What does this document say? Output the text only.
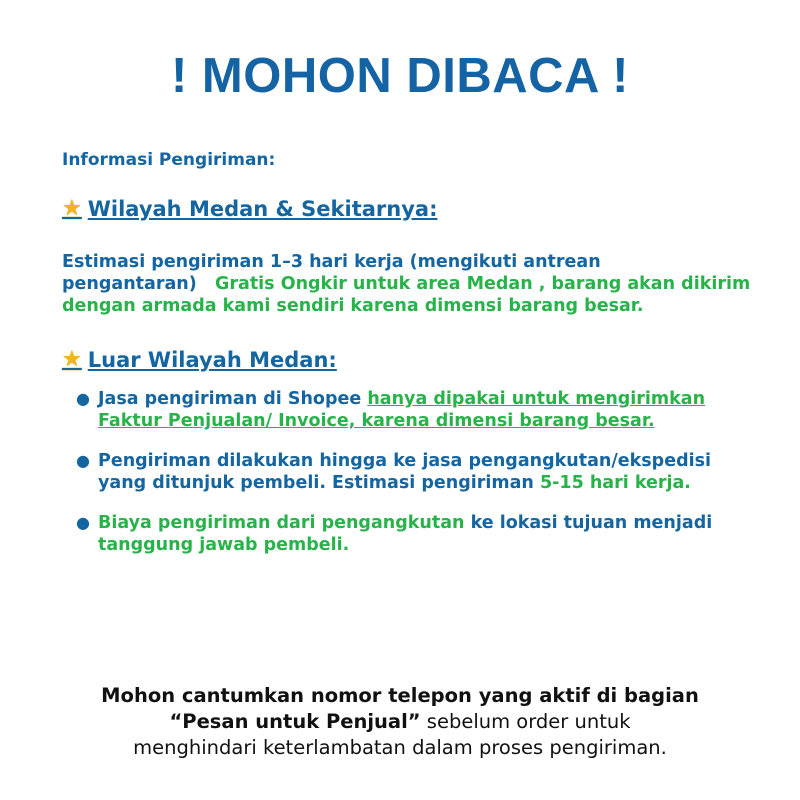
! MOHON DIBACA !

Informasi Pengiriman:

★ Wilayah Medan & Sekitarnya:
Estimasi pengiriman 1–3 hari kerja (mengikuti antrean pengantaran) Gratis Ongkir untuk area Medan , barang akan dikirim dengan armada kami sendiri karena dimensi barang besar.
★ Luar Wilayah Medan:
● Jasa pengiriman di Shopee hanya dipakai untuk mengirimkan Faktur Penjualan/ Invoice, karena dimensi barang besar.
● Pengiriman dilakukan hingga ke jasa pengangkutan/ekspedisi yang ditunjuk pembeli. Estimasi pengiriman 5-15 hari kerja.
● Biaya pengiriman dari pengangkutan ke lokasi tujuan menjadi tanggung jawab pembeli.
Mohon cantumkan nomor telepon yang aktif di bagian
“Pesan untuk Penjual” sebelum order untuk
menghindari keterlambatan dalam proses pengiriman.
